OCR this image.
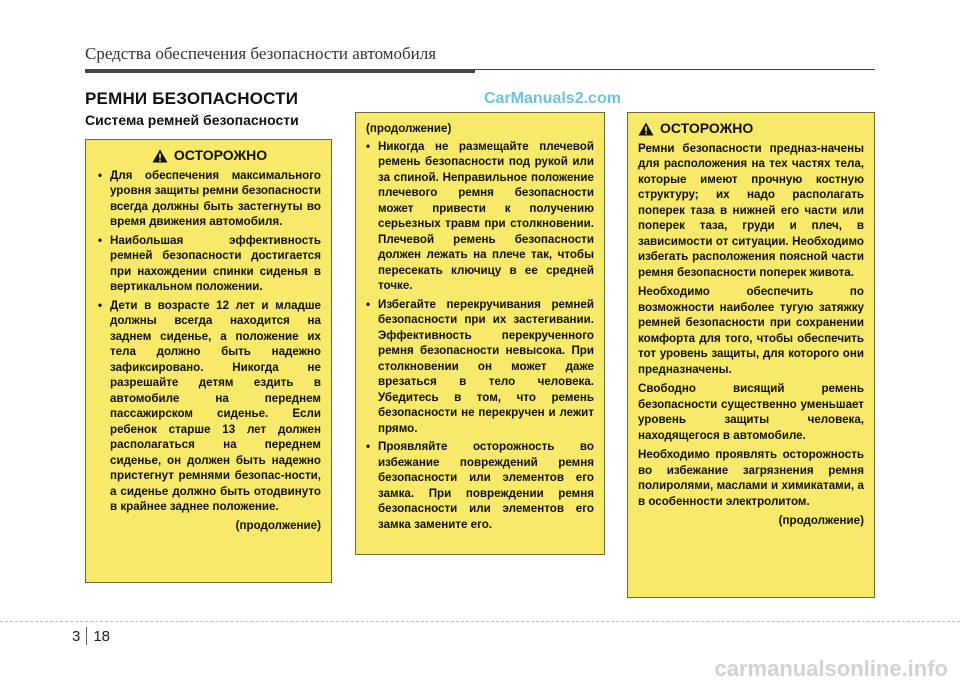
Средства обеспечения безопасности автомобиля
РЕМНИ БЕЗОПАСНОСТИ
Система ремней безопасности
CarManuals2.com
ОСТОРОЖНО
• Для обеспечения максимального уровня защиты ремни безопасности всегда должны быть застегнуты во время движения автомобиля.
• Наибольшая эффективность ремней безопасности достигается при нахождении спинки сиденья в вертикальном положении.
• Дети в возрасте 12 лет и младше должны всегда находится на заднем сиденье, а положение их тела должно быть надежно зафиксировано. Никогда не разрешайте детям ездить в автомобиле на переднем пассажирском сиденье. Если ребенок старше 13 лет должен располагаться на переднем сиденье, он должен быть надежно пристегнут ремнями безопас-ности, а сиденье должно быть отодвинуто в крайнее заднее положение.
(продолжение)
(продолжение)
• Никогда не размещайте плечевой ремень безопасности под рукой или за спиной. Неправильное положение плечевого ремня безопасности может привести к получению серьезных травм при столкновении. Плечевой ремень безопасности должен лежать на плече так, чтобы пересекать ключицу в ее средней точке.
• Избегайте перекручивания ремней безопасности при их застегивании. Эффективность перекрученного ремня безопасности невысока. При столкновении он может даже врезаться в тело человека. Убедитесь в том, что ремень безопасности не перекручен и лежит прямо.
• Проявляйте осторожность во избежание повреждений ремня безопасности или элементов его замка. При повреждении ремня безопасности или элементов его замка замените его.
ОСТОРОЖНО

Ремни безопасности предназ-начены для расположения на тех частях тела, которые имеют прочную костную структуру; их надо располагать поперек таза в нижней его части или поперек таза, груди и плеч, в зависимости от ситуации. Необходимо избегать расположения поясной части ремня безопасности поперек живота.

Необходимо обеспечить по возможности наиболее тугую затяжку ремней безопасности при сохранении комфорта для того, чтобы обеспечить тот уровень защиты, для которого они предназначены.

Свободно висящий ремень безопасности существенно уменьшает уровень защиты человека, находящегося в автомобиле.

Необходимо проявлять осторожность во избежание загрязнения ремня полиролями, маслами и химикатами, а в особенности электролитом.

(продолжение)
3 18
carmanualsonline.info
